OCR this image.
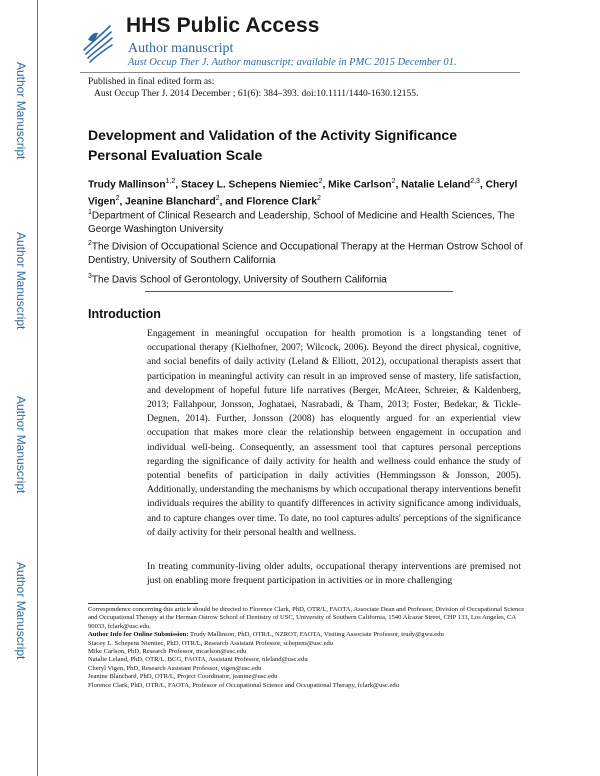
Author Manuscript
Author Manuscript
Author Manuscript
Author Manuscript
HHS Public Access
Author manuscript
Aust Occup Ther J. Author manuscript; available in PMC 2015 December 01.
Published in final edited form as:
Aust Occup Ther J. 2014 December ; 61(6): 384–393. doi:10.1111/1440-1630.12155.
Development and Validation of the Activity Significance
Personal Evaluation Scale
Trudy Mallinson$^{1,2}$, Stacey L. Schepens Niemiec$^2$, Mike Carlson$^2$, Natalie Leland$^{2,3}$, Cheryl Vigen$^2$, Jeanine Blanchard$^2$, and Florence Clark$^2$
$^1$Department of Clinical Research and Leadership, School of Medicine and Health Sciences, The George Washington University
$^2$The Division of Occupational Science and Occupational Therapy at the Herman Ostrow School of Dentistry, University of Southern California
$^3$The Davis School of Gerontology, University of Southern California
Introduction

Engagement in meaningful occupation for health promotion is a longstanding tenet of occupational therapy (Kielhofner, 2007; Wilcock, 2006). Beyond the direct physical, cognitive, and social benefits of daily activity (Leland & Elliott, 2012), occupational therapists assert that participation in meaningful activity can result in an improved sense of mastery, life satisfaction, and development of hopeful future life narratives (Berger, McAteer, Schreier, & Kaldenberg, 2013; Fallahpour, Jonsson, Joghataei, Nasrabadi, & Tham, 2013; Foster, Bedekar, & Tickle-Degnen, 2014). Further, Jonsson (2008) has eloquently argued for an experiential view occupation that makes more clear the relationship between engagement in occupation and individual well-being. Consequently, an assessment tool that captures personal perceptions regarding the significance of daily activity for health and wellness could enhance the study of potential benefits of participation in daily activities (Hemmingsson & Jonsson, 2005). Additionally, understanding the mechanisms by which occupational therapy interventions benefit individuals requires the ability to quantify differences in activity significance among individuals, and to capture changes over time. To date, no tool captures adults' perceptions of the significance of daily activity for their personal health and wellness.

In treating community-living older adults, occupational therapy interventions are premised not just on enabling more frequent participation in activities or in more challenging

Correspondence concerning this article should be directed to Florence Clark, PhD, OTR/L, FAOTA, Associate Dean and Professor, Division of Occupational Science and Occupational Therapy at the Herman Ostrow School of Dentistry of USC, University of Southern California, 1540 Alcazar Street, CHP 133, Los Angeles, CA 90033, fclark@usc.edu.
Author Info for Online Submission: Trudy Mallinson, PhD, OTR/L, NZROT, FAOTA, Visiting Associate Professor, trudy@gwu.edu
Stacey L. Schepens Niemiec, PhD, OTR/L, Research Assistant Professor, schepens@usc.edu
Mike Carlson, PhD, Research Professor, mcarlson@usc.edu
Natalie Leland, PhD, OTR/L, BCG, FAOTA, Assistant Professor, nleland@usc.edu
Cheryl Vigen, PhD, Research Assistant Professor, vigen@usc.edu
Jeanine Blanchard, PhD, OTR/L, Project Coordinator, jeanine@usc.edu
Florence Clark, PhD, OTR/L, FAOTA, Professor of Occupational Science and Occupational Therapy, fclark@usc.edu
